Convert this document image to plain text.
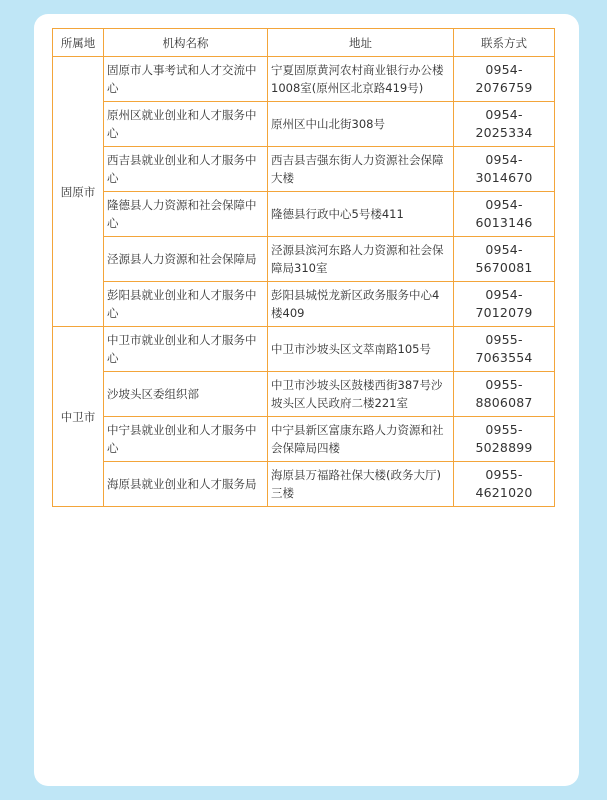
所属地	机构名称	地址	联系方式
固原市	固原市人事考试和人才交流中心	宁夏固原黄河农村商业银行办公楼1008室(原州区北京路419号)	0954-2076759
	原州区就业创业和人才服务中心	原州区中山北街308号	0954-2025334
	西吉县就业创业和人才服务中心	西吉县吉强东街人力资源社会保障大楼	0954-3014670
	隆德县人力资源和社会保障中心	隆德县行政中心5号楼411	0954-6013146
	泾源县人力资源和社会保障局	泾源县滨河东路人力资源和社会保障局310室	0954-5670081
	彭阳县就业创业和人才服务中心	彭阳县城悦龙新区政务服务中心4楼409	0954-7012079
中卫市	中卫市就业创业和人才服务中心	中卫市沙坡头区文萃南路105号	0955-7063554
	沙坡头区委组织部	中卫市沙坡头区鼓楼西街387号沙坡头区人民政府二楼221室	0955-8806087
	中宁县就业创业和人才服务中心	中宁县新区富康东路人力资源和社会保障局四楼	0955-5028899
	海原县就业创业和人才服务局	海原县万福路社保大楼(政务大厅)三楼	0955-4621020
